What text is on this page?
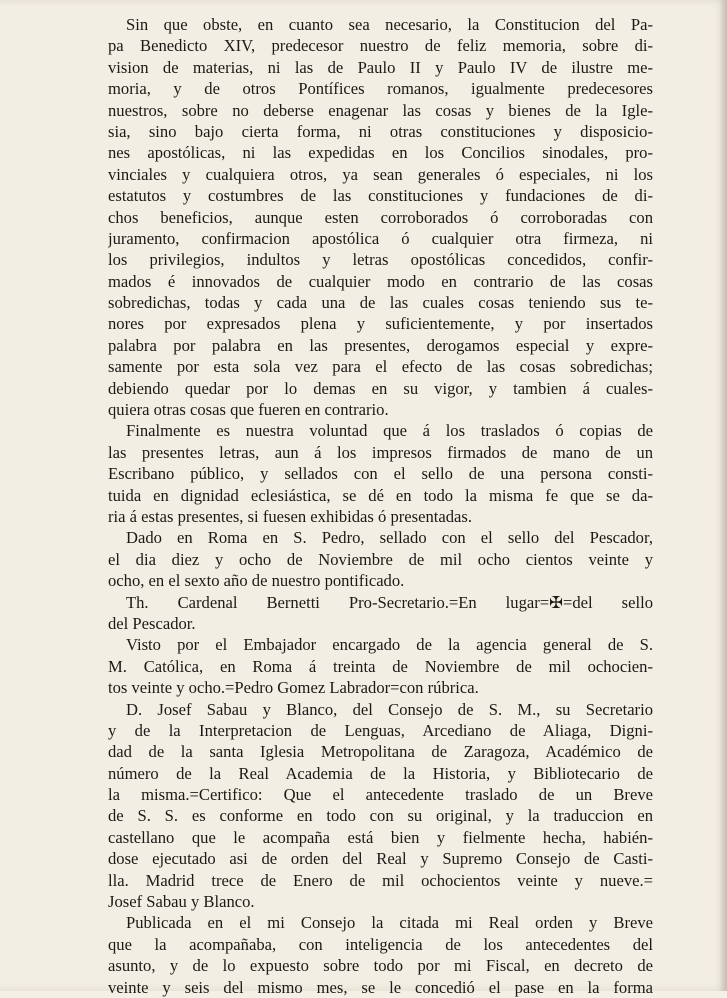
Sin que obste, en cuanto sea necesario, la Constitucion del Pa-
pa Benedicto XIV, predecesor nuestro de feliz memoria, sobre di-
vision de materias, ni las de Paulo II y Paulo IV de ilustre me-
moria, y de otros Pontífices romanos, igualmente predecesores
nuestros, sobre no deberse enagenar las cosas y bienes de la Igle-
sia, sino bajo cierta forma, ni otras constituciones y disposicio-
nes apostólicas, ni las expedidas en los Concilios sinodales, pro-
vinciales y cualquiera otros, ya sean generales ó especiales, ni los
estatutos y costumbres de las constituciones y fundaciones de di-
chos beneficios, aunque esten corroborados ó corroboradas con
juramento, confirmacion apostólica ó cualquier otra firmeza, ni
los privilegios, indultos y letras opostólicas concedidos, confir-
mados é innovados de cualquier modo en contrario de las cosas
sobredichas, todas y cada una de las cuales cosas teniendo sus te-
nores por expresados plena y suficientemente, y por insertados
palabra por palabra en las presentes, derogamos especial y expre-
samente por esta sola vez para el efecto de las cosas sobredichas;
debiendo quedar por lo demas en su vigor, y tambien á cuales-
quiera otras cosas que fueren en contrario.
Finalmente es nuestra voluntad que á los traslados ó copias de
las presentes letras, aun á los impresos firmados de mano de un
Escribano público, y sellados con el sello de una persona consti-
tuida en dignidad eclesiástica, se dé en todo la misma fe que se da-
ria á estas presentes, si fuesen exhibidas ó presentadas.
Dado en Roma en S. Pedro, sellado con el sello del Pescador,
el dia diez y ocho de Noviembre de mil ocho cientos veinte y
ocho, en el sexto año de nuestro pontificado.
Th. Cardenal Bernetti Pro-Secretario.=En lugar=✠=del sello
del Pescador.
Visto por el Embajador encargado de la agencia general de S.
M. Católica, en Roma á treinta de Noviembre de mil ochocien-
tos veinte y ocho.=Pedro Gomez Labrador=con rúbrica.
D. Josef Sabau y Blanco, del Consejo de S. M., su Secretario
y de la Interpretacion de Lenguas, Arcediano de Aliaga, Digni-
dad de la santa Iglesia Metropolitana de Zaragoza, Académico de
número de la Real Academia de la Historia, y Bibliotecario de
la misma.=Certifico: Que el antecedente traslado de un Breve
de S. S. es conforme en todo con su original, y la traduccion en
castellano que le acompaña está bien y fielmente hecha, habién-
dose ejecutado asi de orden del Real y Supremo Consejo de Casti-
lla. Madrid trece de Enero de mil ochocientos veinte y nueve.=
Josef Sabau y Blanco.
Publicada en el mi Consejo la citada mi Real orden y Breve
que la acompañaba, con inteligencia de los antecedentes del
asunto, y de lo expuesto sobre todo por mi Fiscal, en decreto de
veinte y seis del mismo mes, se le concedió el pase en la forma
